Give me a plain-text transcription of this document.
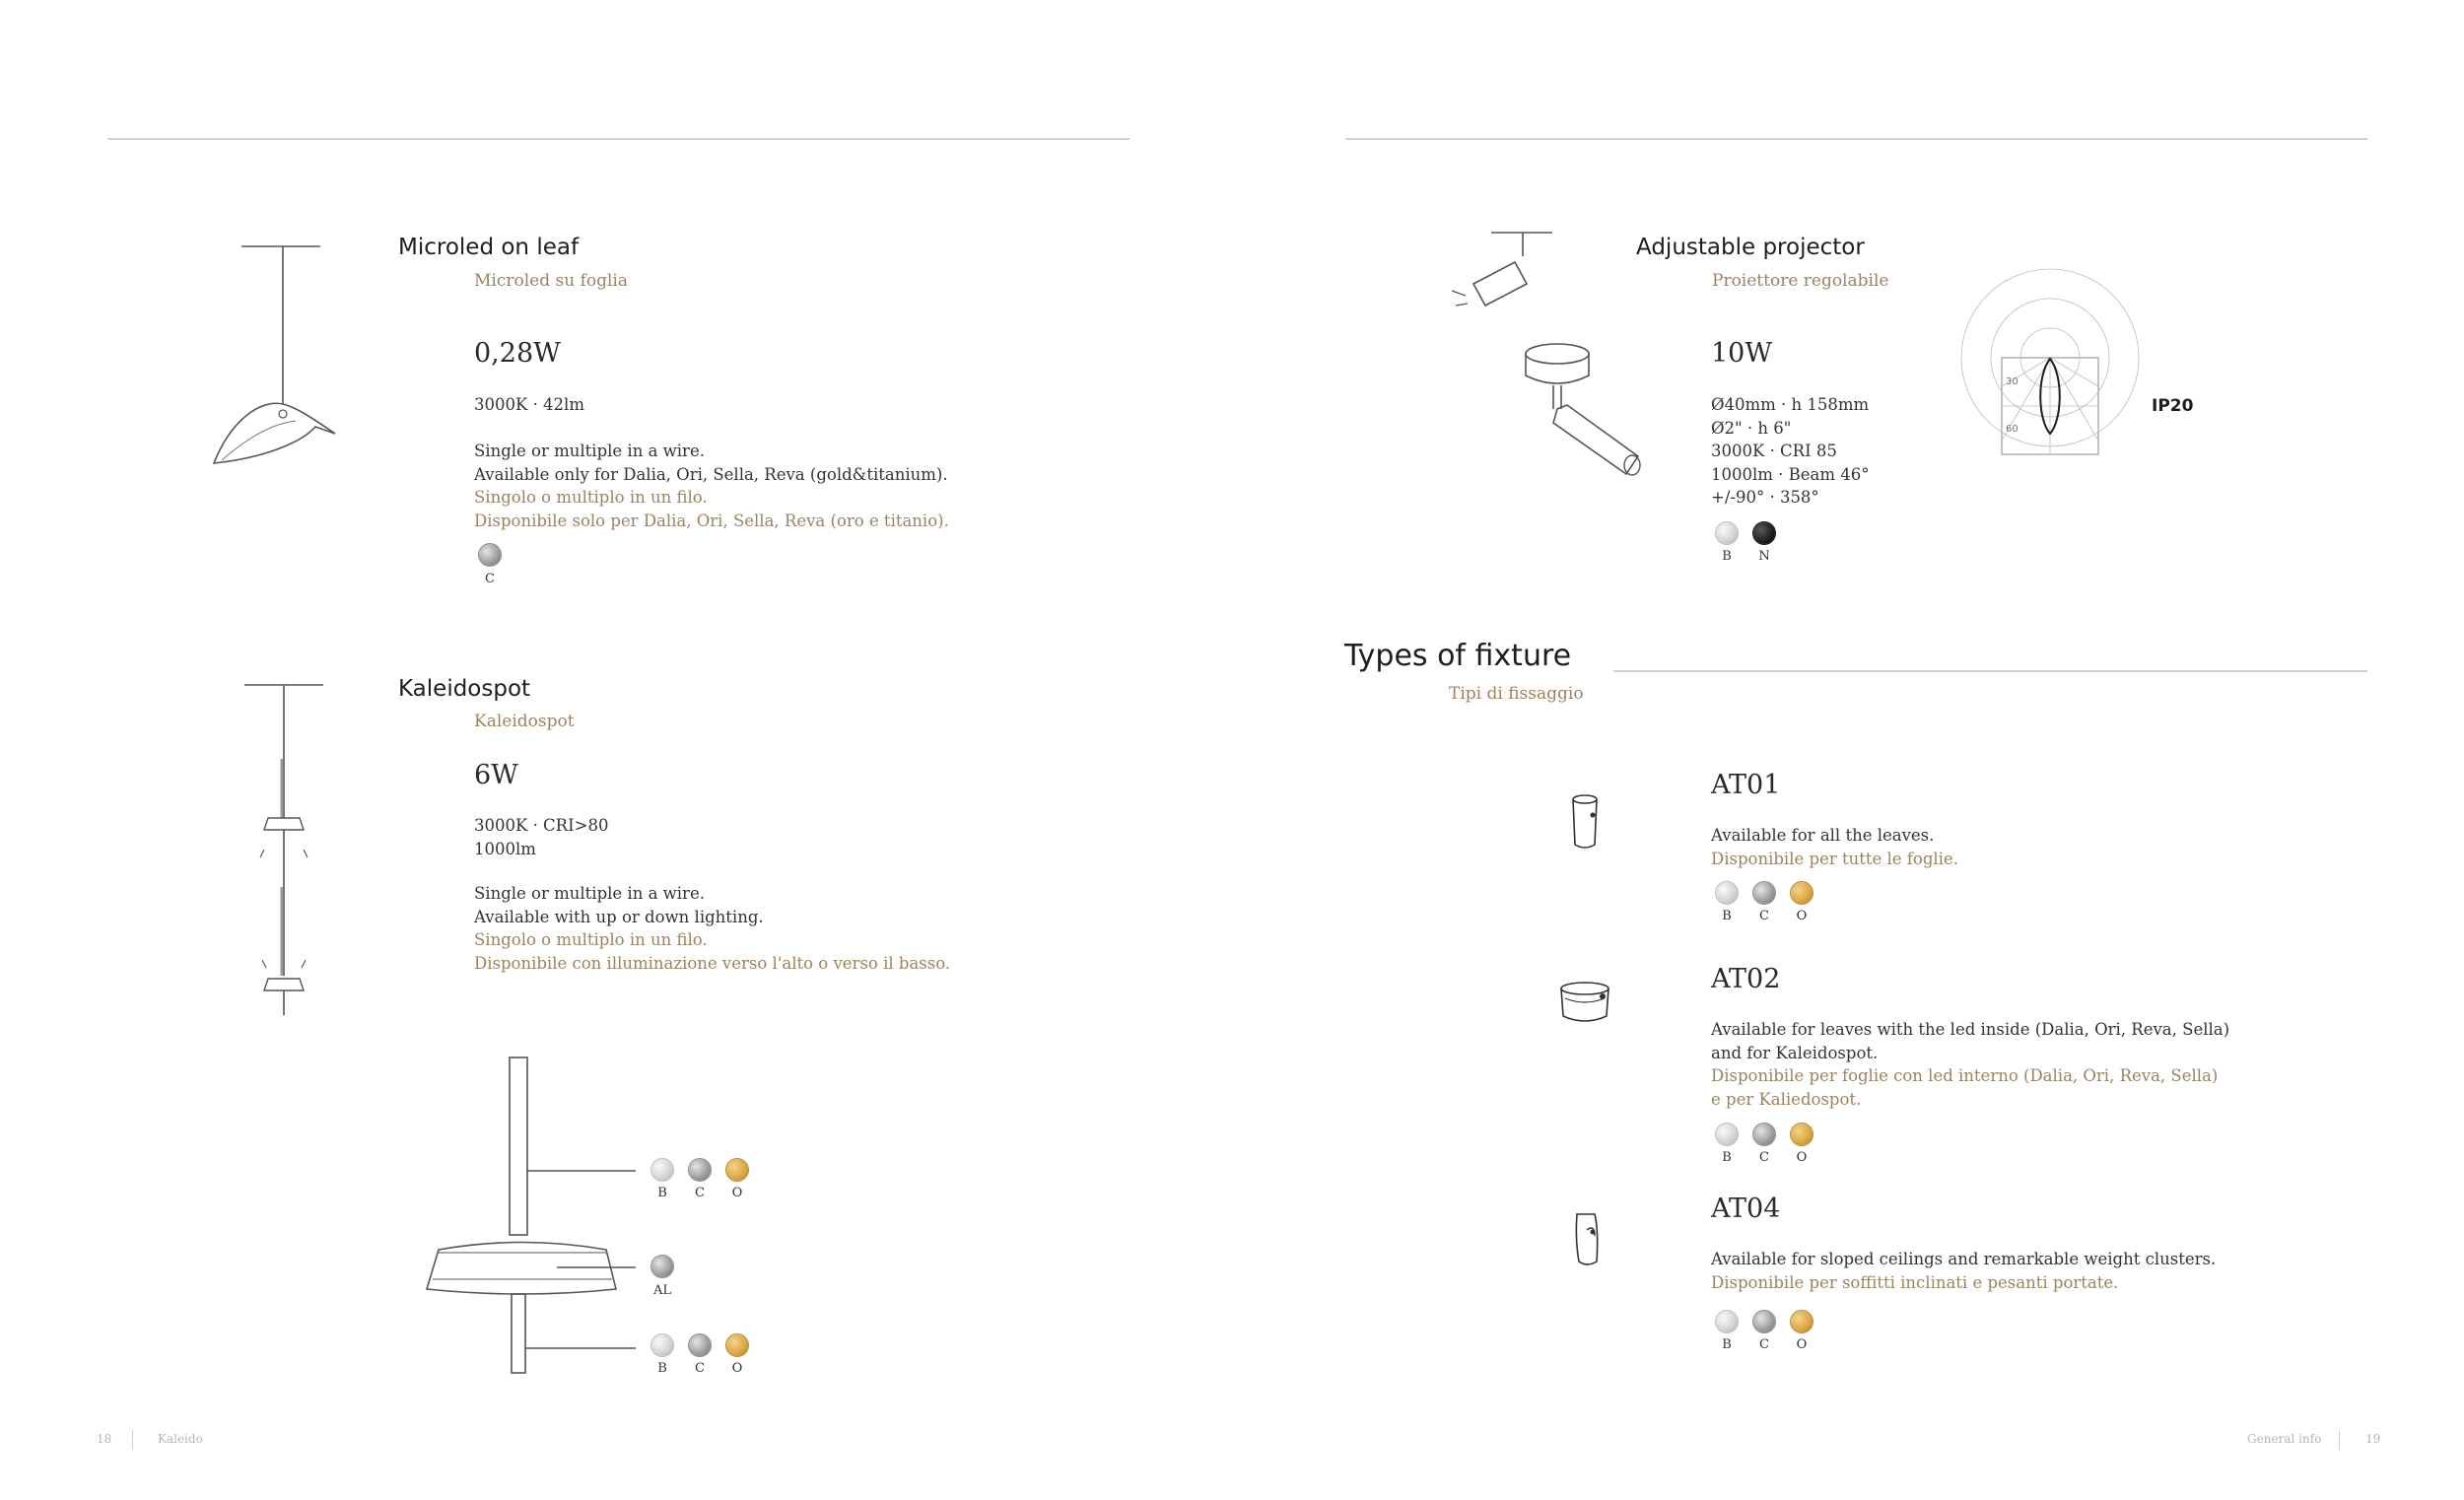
Microled on leaf
Microled su foglia
0,28W
3000K · 42lm
Single or multiple in a wire.
Available only for Dalia, Ori, Sella, Reva (gold&titanium).
Singolo o multiplo in un filo.
Disponibile solo per Dalia, Ori, Sella, Reva (oro e titanio).
C
Kaleidospot
Kaleidospot
6W
3000K · CRI>80
1000lm
Single or multiple in a wire.
Available with up or down lighting.
Singolo o multiplo in un filo.
Disponibile con illuminazione verso l'alto o verso il basso.
B	C	O
AL
B	C	O
18	Kaleido
Adjustable projector
Proiettore regolabile
10W
Ø40mm · h 158mm
Ø2" · h 6"
3000K · CRI 85
1000lm · Beam 46°
+/-90° · 358°
B	N
30
60
IP20
Types of fixture
Tipi di fissaggio
AT01
Available for all the leaves.
Disponibile per tutte le foglie.
B	C	O
AT02
Available for leaves with the led inside (Dalia, Ori, Reva, Sella)
and for Kaleidospot.
Disponibile per foglie con led interno (Dalia, Ori, Reva, Sella)
e per Kaliedospot.
B	C	O
AT04
Available for sloped ceilings and remarkable weight clusters.
Disponibile per soffitti inclinati e pesanti portate.
B	C	O
General info	19
